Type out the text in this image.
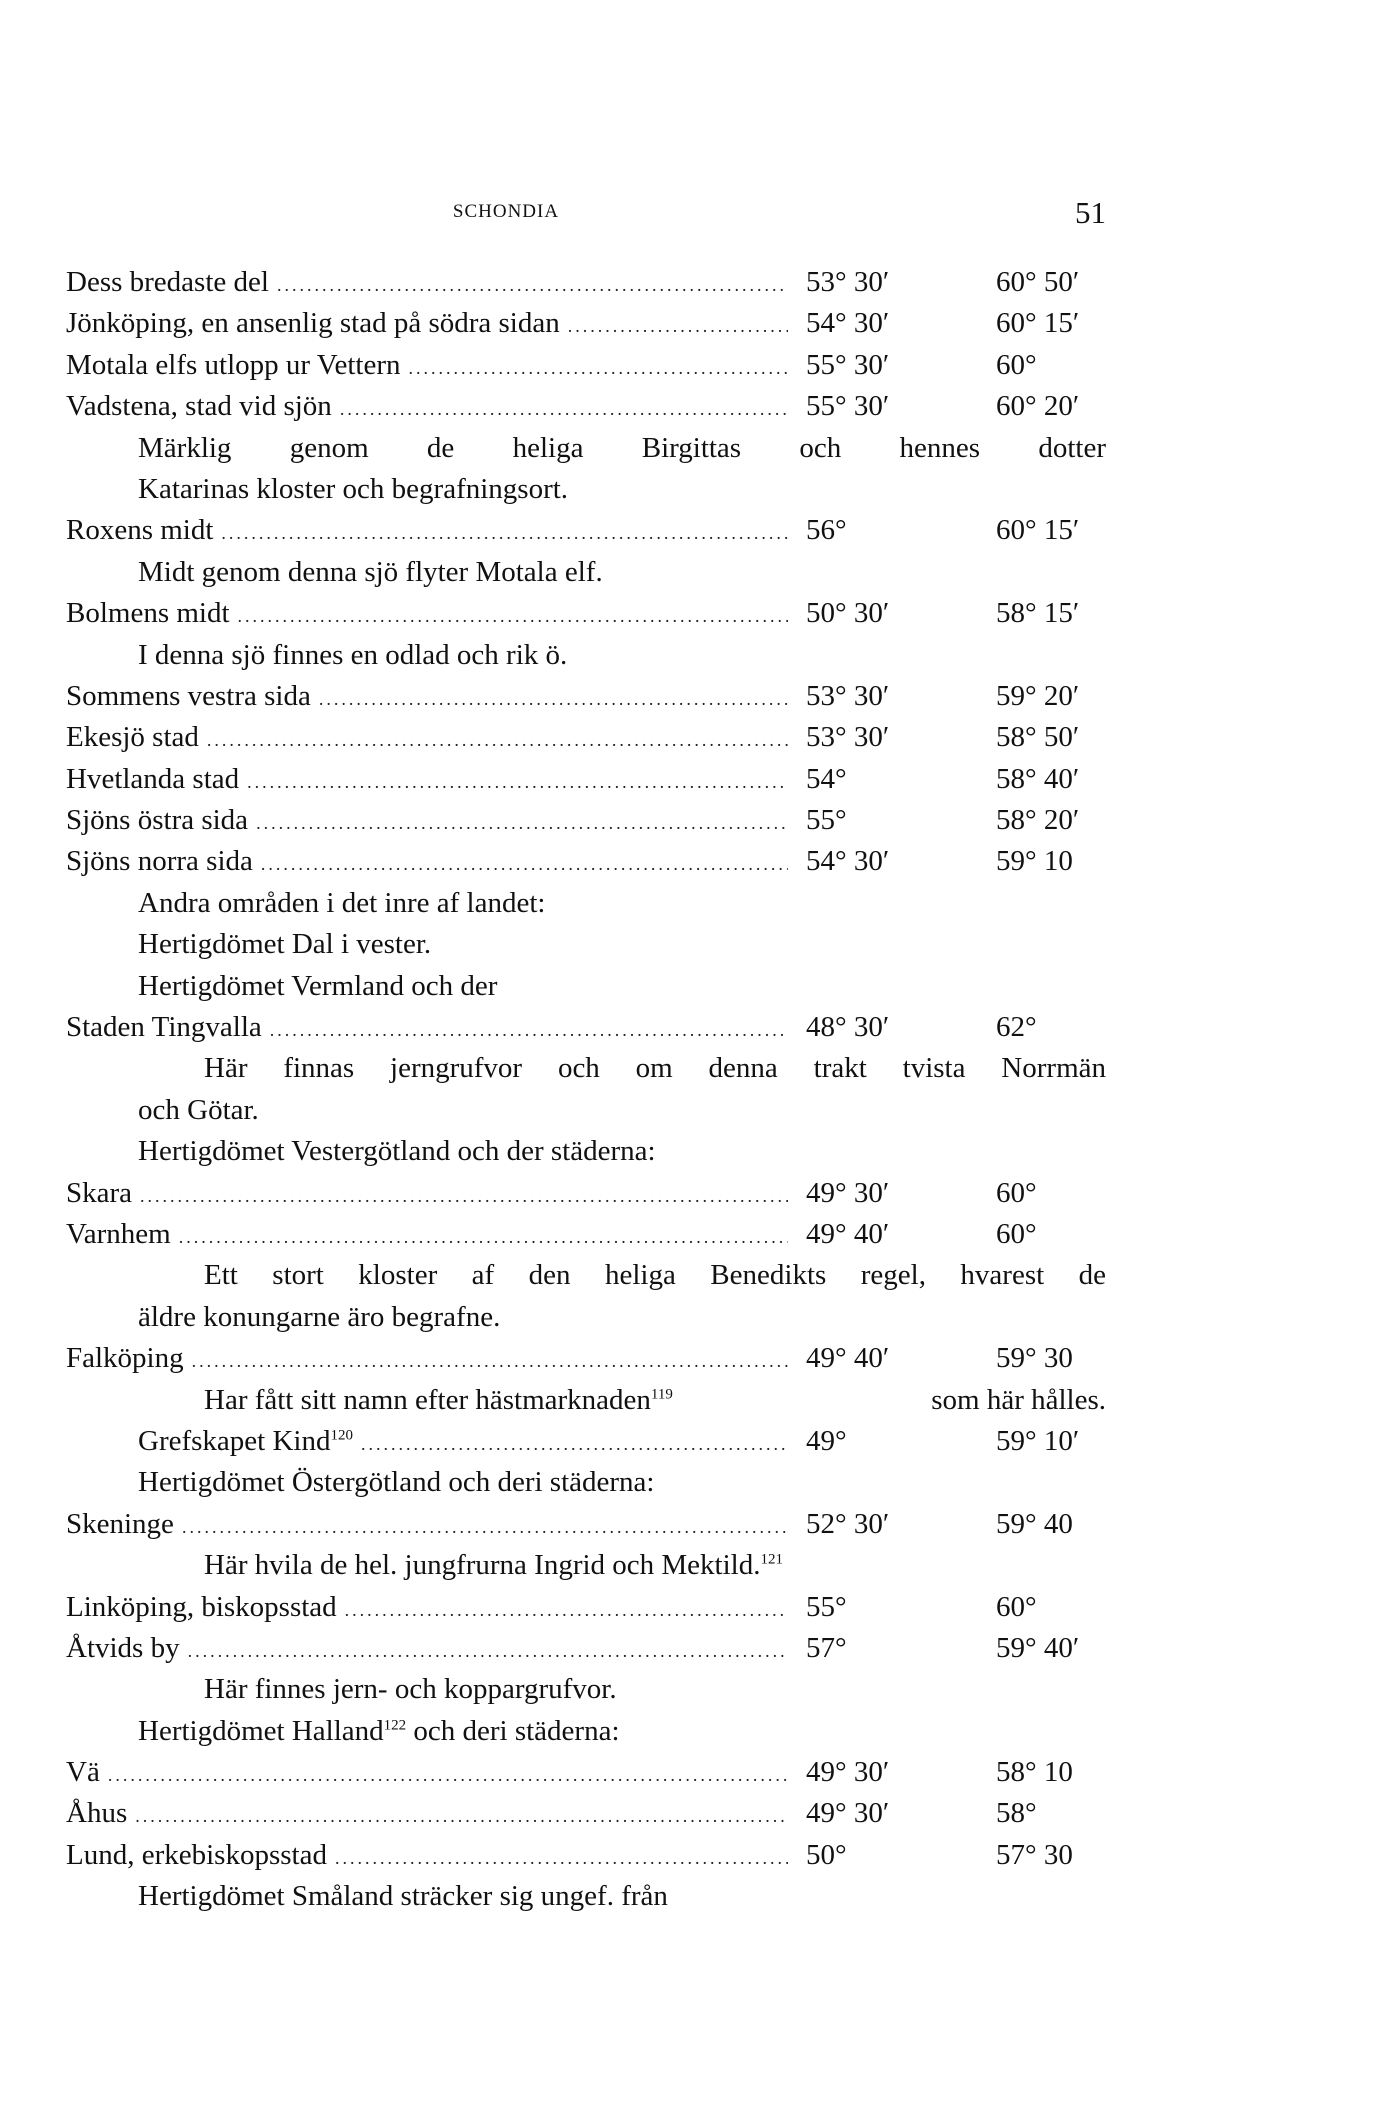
SCHONDIA	51
Dess bredaste del .....	53° 30′	60° 50′
Jönköping, en ansenlig stad på södra sidan .....	54° 30′	60° 15′
Motala elfs utlopp ur Vettern .....	55° 30′	60°
Vadstena, stad vid sjön .....	55° 30′	60° 20′
Märklig genom de heliga Birgittas och hennes dotter
Katarinas kloster och begrafningsort.
Roxens midt .....	56°	60° 15′
Midt genom denna sjö flyter Motala elf.
Bolmens midt .....	50° 30′	58° 15′
I denna sjö finnes en odlad och rik ö.
Sommens vestra sida .....	53° 30′	59° 20′
Ekesjö stad .....	53° 30′	58° 50′
Hvetlanda stad .....	54°	58° 40′
Sjöns östra sida .....	55°	58° 20′
Sjöns norra sida .....	54° 30′	59° 10
Andra områden i det inre af landet:
Hertigdömet Dal i vester.
Hertigdömet Vermland och der
Staden Tingvalla .....	48° 30′	62°
Här finnas jerngrufvor och om denna trakt tvista Norrmän
och Götar.
Hertigdömet Vestergötland och der städerna:
Skara .....	49° 30′	60°
Varnhem .....	49° 40′	60°
Ett stort kloster af den heliga Benedikts regel, hvarest de
äldre konungarne äro begrafne.
Falköping .....	49° 40′	59° 30
Har fått sitt namn efter hästmarknaden$^{119}$	som här hålles.
Grefskapet Kind$^{120}$ .....	49°	59° 10′
Hertigdömet Östergötland och deri städerna:
Skeninge .....	52° 30′	59° 40
Här hvila de hel. jungfrurna Ingrid och Mektild.$^{121}$
Linköping, biskopsstad .....	55°	60°
Åtvids by .....	57°	59° 40′
Här finnes jern- och koppargrufvor.
Hertigdömet Halland$^{122}$ och deri städerna:
Vä .....	49° 30′	58° 10
Åhus .....	49° 30′	58°
Lund, erkebiskopsstad .....	50°	57° 30
Hertigdömet Småland sträcker sig ungef. från
